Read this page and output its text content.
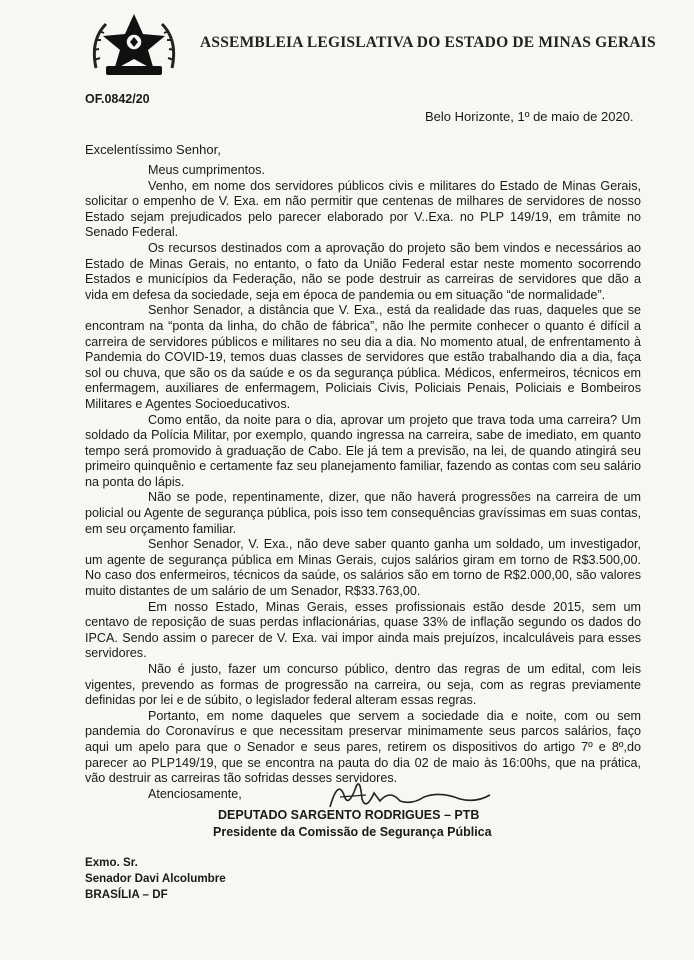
ASSEMBLEIA LEGISLATIVA DO ESTADO DE MINAS GERAIS
OF.0842/20
Belo Horizonte, 1º de maio de 2020.
Excelentíssimo Senhor,

Meus cumprimentos.

Venho, em nome dos servidores públicos civis e militares do Estado de Minas Gerais, solicitar o empenho de V. Exa. em não permitir que centenas de milhares de servidores de nosso Estado sejam prejudicados pelo parecer elaborado por V..Exa. no PLP 149/19, em trâmite no Senado Federal.

Os recursos destinados com a aprovação do projeto são bem vindos e necessários ao Estado de Minas Gerais, no entanto, o fato da União Federal estar neste momento socorrendo Estados e municípios da Federação, não se pode destruir as carreiras de servidores que dão a vida em defesa da sociedade, seja em época de pandemia ou em situação “de normalidade”.

Senhor Senador, a distância que V. Exa., está da realidade das ruas, daqueles que se encontram na “ponta da linha, do chão de fábrica”, não lhe permite conhecer o quanto é difícil a carreira de servidores públicos e militares no seu dia a dia. No momento atual, de enfrentamento à Pandemia do COVID-19, temos duas classes de servidores que estão trabalhando dia a dia, faça sol ou chuva, que são os da saúde e os da segurança pública. Médicos, enfermeiros, técnicos em enfermagem, auxiliares de enfermagem, Policiais Civis, Policiais Penais, Policiais e Bombeiros Militares e Agentes Socioeducativos.

Como então, da noite para o dia, aprovar um projeto que trava toda uma carreira? Um soldado da Polícia Militar, por exemplo, quando ingressa na carreira, sabe de imediato, em quanto tempo será promovido à graduação de Cabo. Ele já tem a previsão, na lei, de quando atingirá seu primeiro quinquênio e certamente faz seu planejamento familiar, fazendo as contas com seu salário na ponta do lápis.

Não se pode, repentinamente, dizer, que não haverá progressões na carreira de um policial ou Agente de segurança pública, pois isso tem consequências gravíssimas em suas contas, em seu orçamento familiar.

Senhor Senador, V. Exa., não deve saber quanto ganha um soldado, um investigador, um agente de segurança pública em Minas Gerais, cujos salários giram em torno de R$3.500,00. No caso dos enfermeiros, técnicos da saúde, os salários são em torno de R$2.000,00, são valores muito distantes de um salário de um Senador, R$33.763,00.

Em nosso Estado, Minas Gerais, esses profissionais estão desde 2015, sem um centavo de reposição de suas perdas inflacionárias, quase 33% de inflação segundo os dados do IPCA. Sendo assim o parecer de V. Exa. vai impor ainda mais prejuízos, incalculáveis para esses servidores.

Não é justo, fazer um concurso público, dentro das regras de um edital, com leis vigentes, prevendo as formas de progressão na carreira, ou seja, com as regras previamente definidas por lei e de súbito, o legislador federal alteram essas regras.

Portanto, em nome daqueles que servem a sociedade dia e noite, com ou sem pandemia do Coronavírus e que necessitam preservar minimamente seus parcos salários, faço aqui um apelo para que o Senador e seus pares, retirem os dispositivos do artigo 7º e 8º,do parecer ao PLP149/19, que se encontra na pauta do dia 02 de maio às 16:00hs, que na prática, vão destruir as carreiras tão sofridas desses servidores.

Atenciosamente,

DEPUTADO SARGENTO RODRIGUES – PTB
Presidente da Comissão de Segurança Pública
Exmo. Sr.
Senador Davi Alcolumbre
BRASÍLIA – DF
